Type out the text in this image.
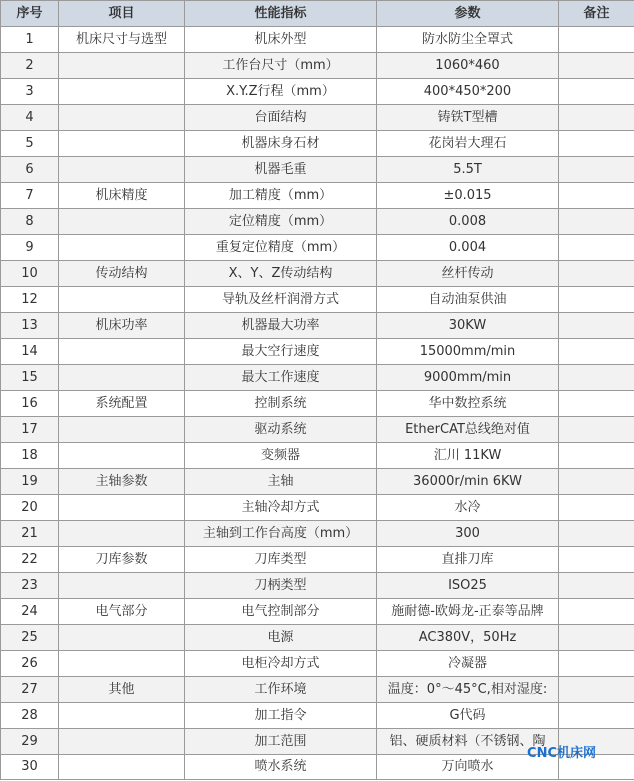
序号	项目	性能指标	参数	备注
1	机床尺寸与选型	机床外型	防水防尘全罩式	
2		工作台尺寸（mm）	1060*460	
3		X.Y.Z行程（mm）	400*450*200	
4		台面结构	铸铁T型槽	
5		机器床身石材	花岗岩大理石	
6		机器毛重	5.5T	
7	机床精度	加工精度（mm）	±0.015	
8		定位精度（mm）	0.008	
9		重复定位精度（mm）	0.004	
10	传动结构	X、Y、Z传动结构	丝杆传动	
12		导轨及丝杆润滑方式	自动油泵供油	
13	机床功率	机器最大功率	30KW	
14		最大空行速度	15000mm/min	
15		最大工作速度	9000mm/min	
16	系统配置	控制系统	华中数控系统	
17		驱动系统	EtherCAT总线绝对值	
18		变频器	汇川 11KW	
19	主轴参数	主轴	36000r/min 6KW	
20		主轴冷却方式	水冷	
21		主轴到工作台高度（mm）	300	
22	刀库参数	刀库类型	直排刀库	
23		刀柄类型	ISO25	
24	电气部分	电气控制部分	施耐德-欧姆龙-正泰等品牌	
25		电源	AC380V，50Hz	
26		电柜冷却方式	冷凝器	
27	其他	工作环境	温度：0°～45°C,相对湿度:	
28		加工指令	G代码	
29		加工范围	铝、硬质材料（不锈钢、陶	
30		喷水系统	万向喷水	
CNC机床网
